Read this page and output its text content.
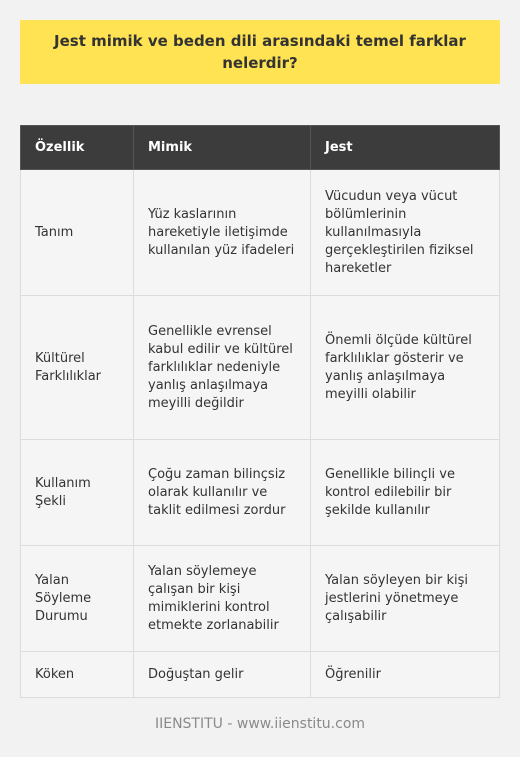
Jest mimik ve beden dili arasındaki temel farklar nelerdir?
Özellik	Mimik	Jest
Tanım	Yüz kaslarının hareketiyle iletişimde kullanılan yüz ifadeleri	Vücudun veya vücut bölümlerinin kullanılmasıyla gerçekleştirilen fiziksel hareketler
Kültürel Farklılıklar	Genellikle evrensel kabul edilir ve kültürel farklılıklar nedeniyle yanlış anlaşılmaya meyilli değildir	Önemli ölçüde kültürel farklılıklar gösterir ve yanlış anlaşılmaya meyilli olabilir
Kullanım Şekli	Çoğu zaman bilinçsiz olarak kullanılır ve taklit edilmesi zordur	Genellikle bilinçli ve kontrol edilebilir bir şekilde kullanılır
Yalan Söyleme Durumu	Yalan söylemeye çalışan bir kişi mimiklerini kontrol etmekte zorlanabilir	Yalan söyleyen bir kişi jestlerini yönetmeye çalışabilir
Köken	Doğuştan gelir	Öğrenilir
IIENSTITU - www.iienstitu.com
